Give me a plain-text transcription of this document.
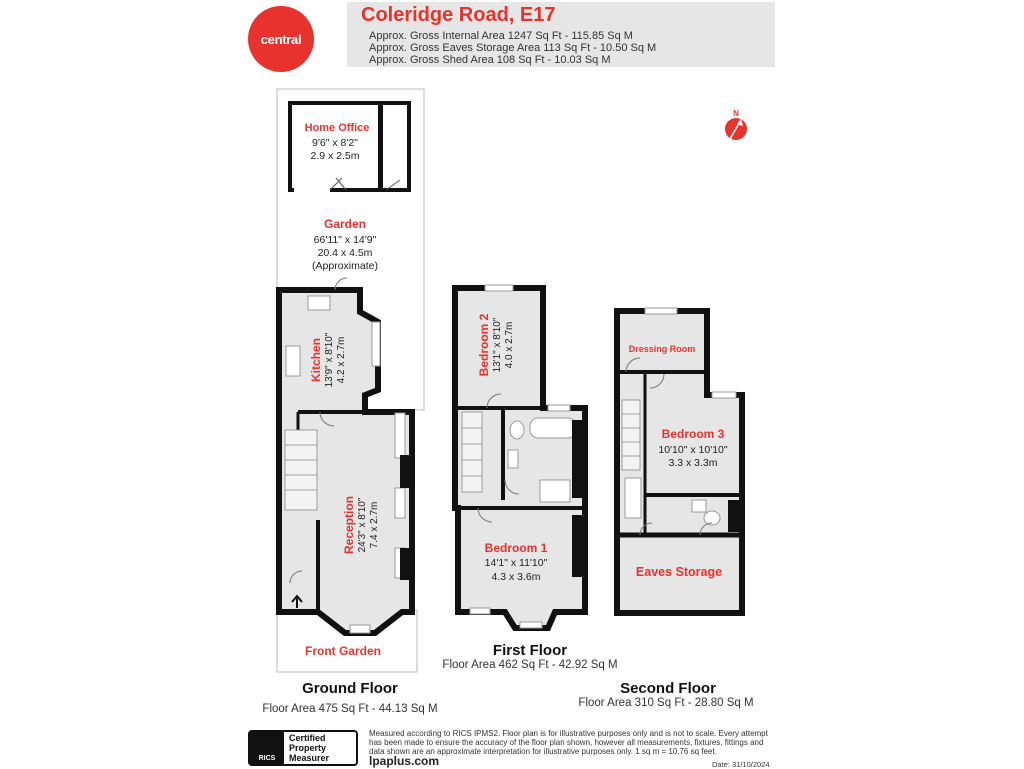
central
Coleridge Road, E17
Approx. Gross Internal Area 1247 Sq Ft - 115.85 Sq M
Approx. Gross Eaves Storage Area 113 Sq Ft - 10.50 Sq M
Approx. Gross Shed Area 108 Sq Ft - 10.03 Sq M
N
Home Office
9'6" x 8'2"
2.9 x 2.5m
Garden
66'11" x 14'9"
20.4 x 4.5m
(Approximate)
Kitchen 13'9" x 8'10" 4.2 x 2.7m
Reception 24'3" x 8'10" 7.4 x 2.7m
Front Garden
Bedroom 2 13'1" x 8'10" 4.0 x 2.7m
Bedroom 1
14'1" x 11'10"
4.3 x 3.6m
Dressing Room
Bedroom 3
10'10" x 10'10"
3.3 x 3.3m
Eaves Storage
Ground Floor
Floor Area 475 Sq Ft - 44.13 Sq M
First Floor
Floor Area 462 Sq Ft - 42.92 Sq M
Second Floor
Floor Area 310 Sq Ft - 28.80 Sq M
RICS
Certified
Property
Measurer
Measured according to RICS IPMS2. Floor plan is for illustrative purposes only and is not to scale. Every attempt has been made to ensure the accuracy of the floor plan shown, however all measurements, fixtures, fittings and data shown are an approximate interpretation for illustrative purposes only. 1 sq m = 10.76 sq feet.
lpaplus.com	Date: 31/10/2024
